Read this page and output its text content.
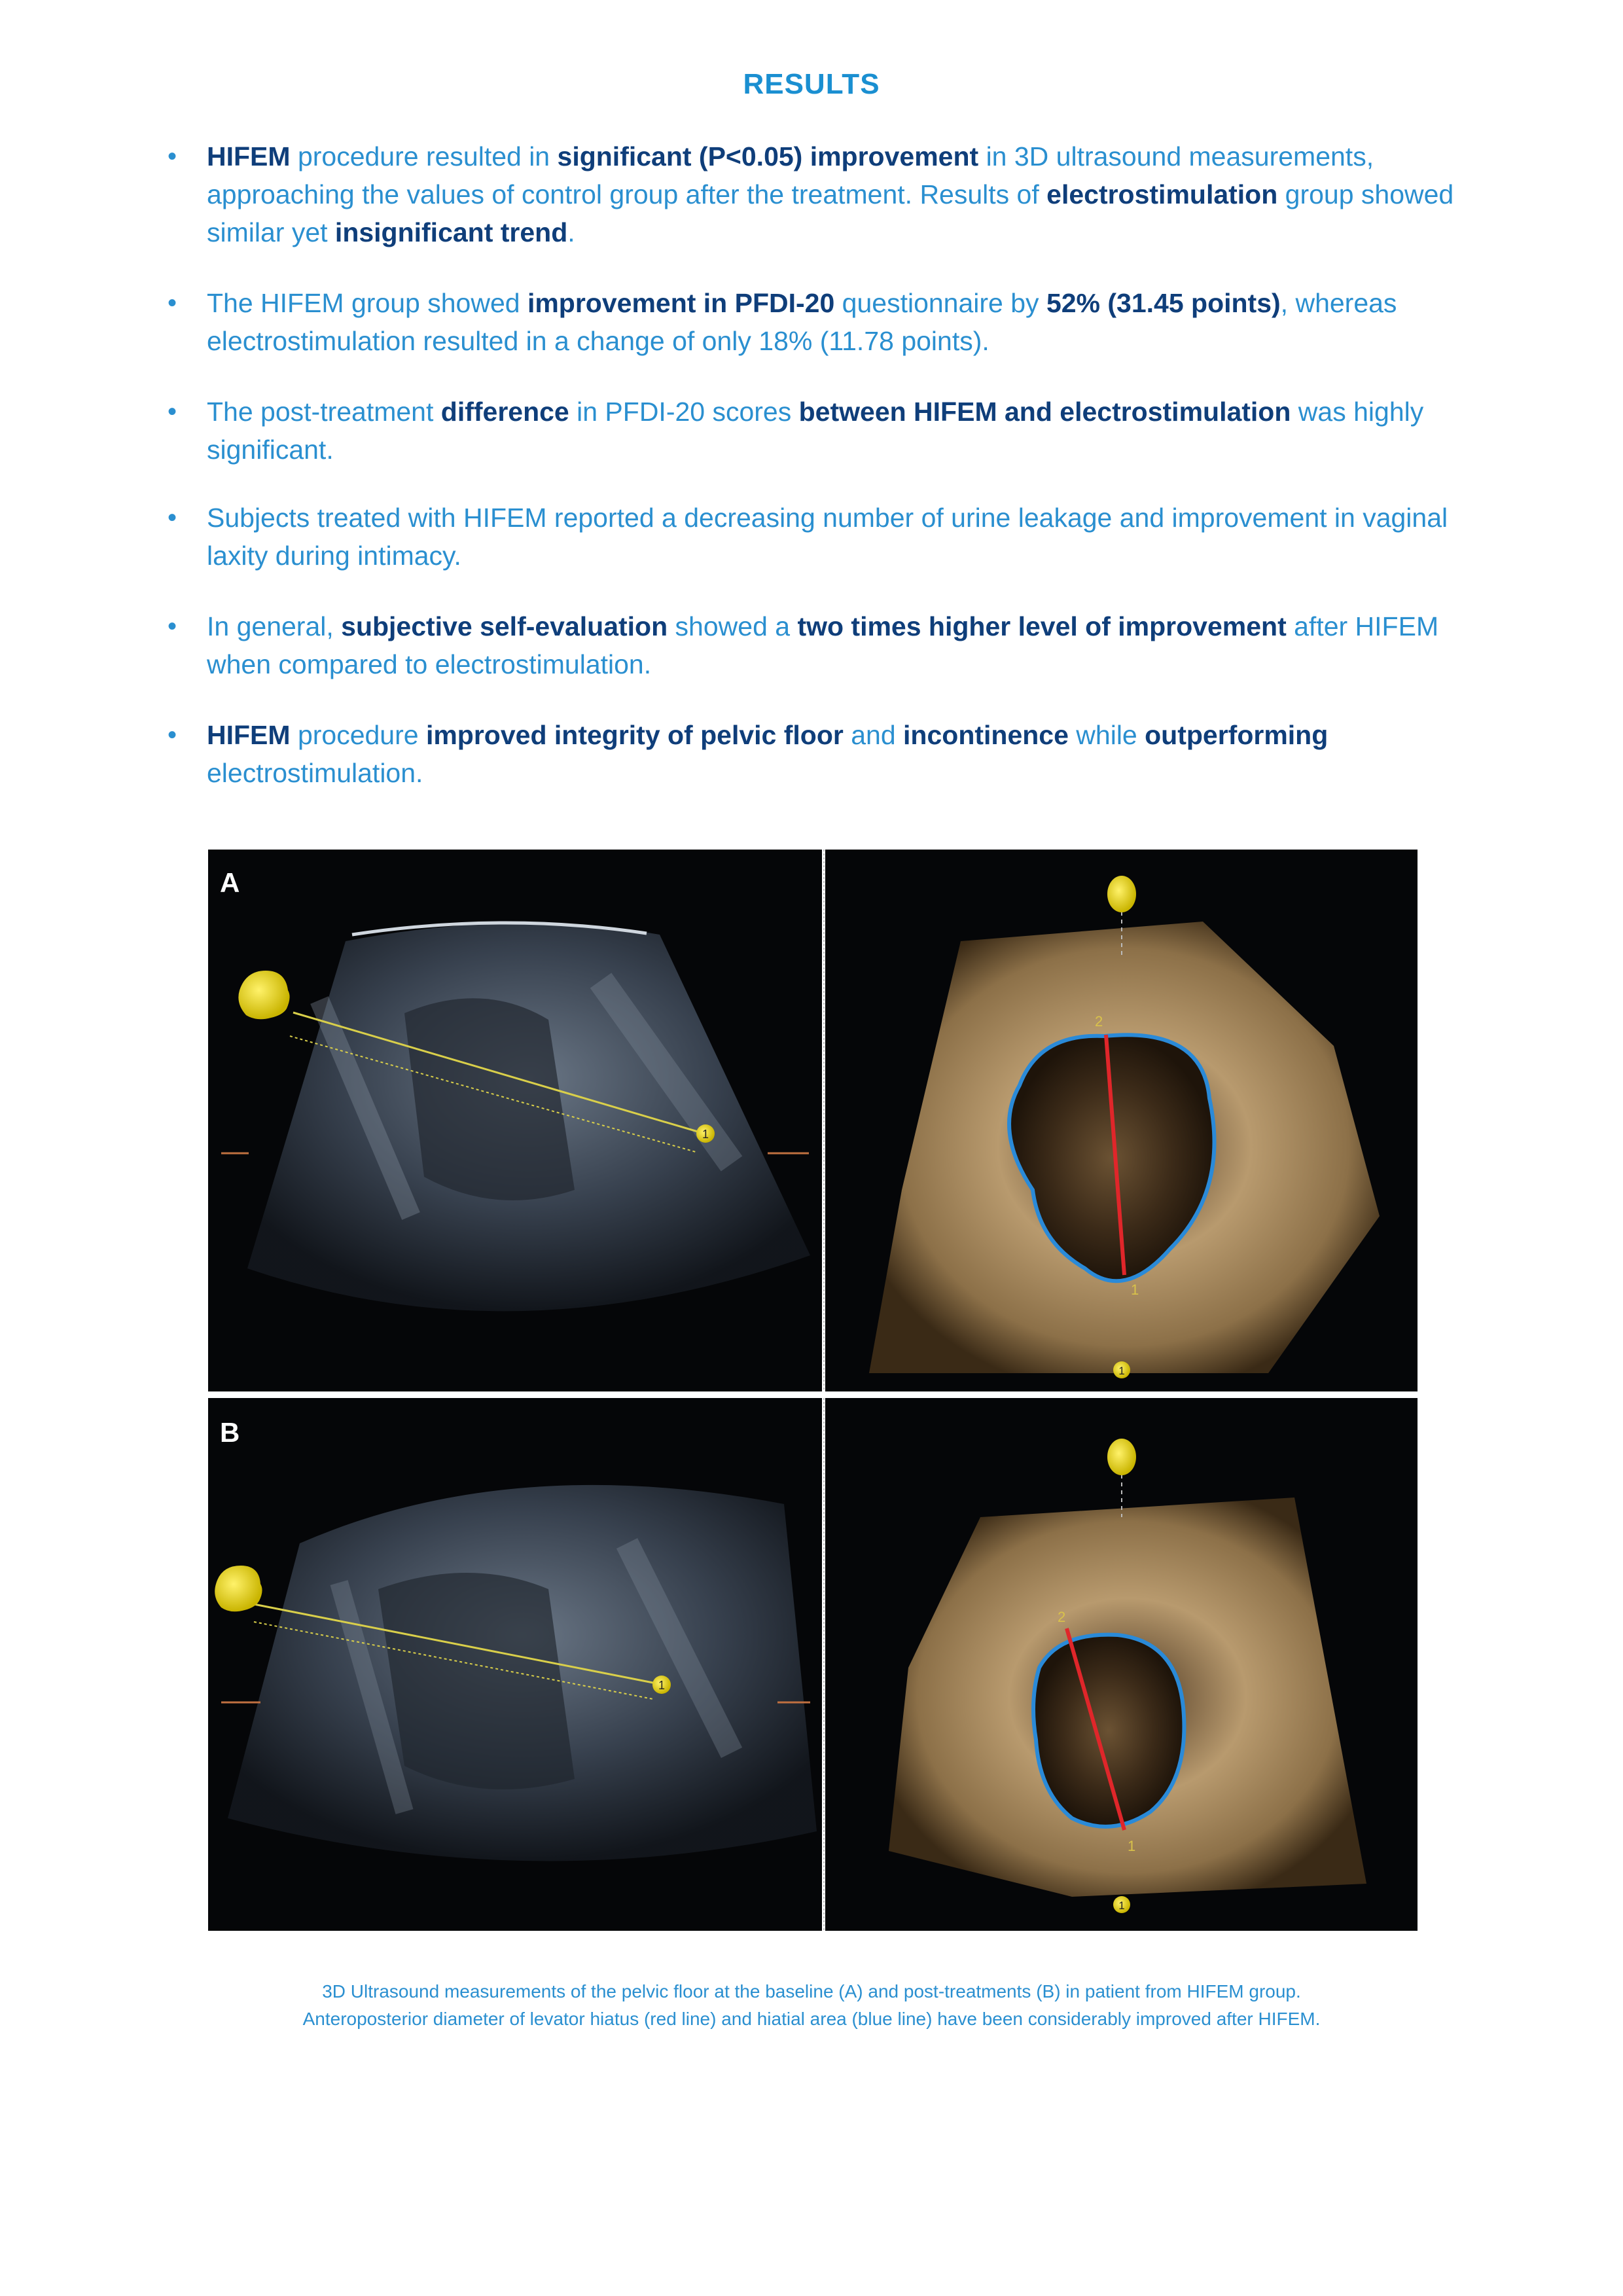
RESULTS
• HIFEM procedure resulted in significant (P<0.05) improvement in 3D ultrasound measurements, approaching the values of control group after the treatment. Results of electrostimulation group showed similar yet insignificant trend.
• The HIFEM group showed improvement in PFDI-20 questionnaire by 52% (31.45 points), whereas electrostimulation resulted in a change of only 18% (11.78 points).
• The post-treatment difference in PFDI-20 scores between HIFEM and electrostimulation was highly significant.
• Subjects treated with HIFEM reported a decreasing number of urine leakage and improvement in vaginal laxity during intimacy.
• In general, subjective self-evaluation showed a two times higher level of improvement after HIFEM when compared to electrostimulation.
• HIFEM procedure improved integrity of pelvic floor and incontinence while outperforming electrostimulation.
1
A
2
1
1
1
B
2
1
1
3D Ultrasound measurements of the pelvic floor at the baseline (A) and post-treatments (B) in patient from HIFEM group.
Anteroposterior diameter of levator hiatus (red line) and hiatial area (blue line) have been considerably improved after HIFEM.
